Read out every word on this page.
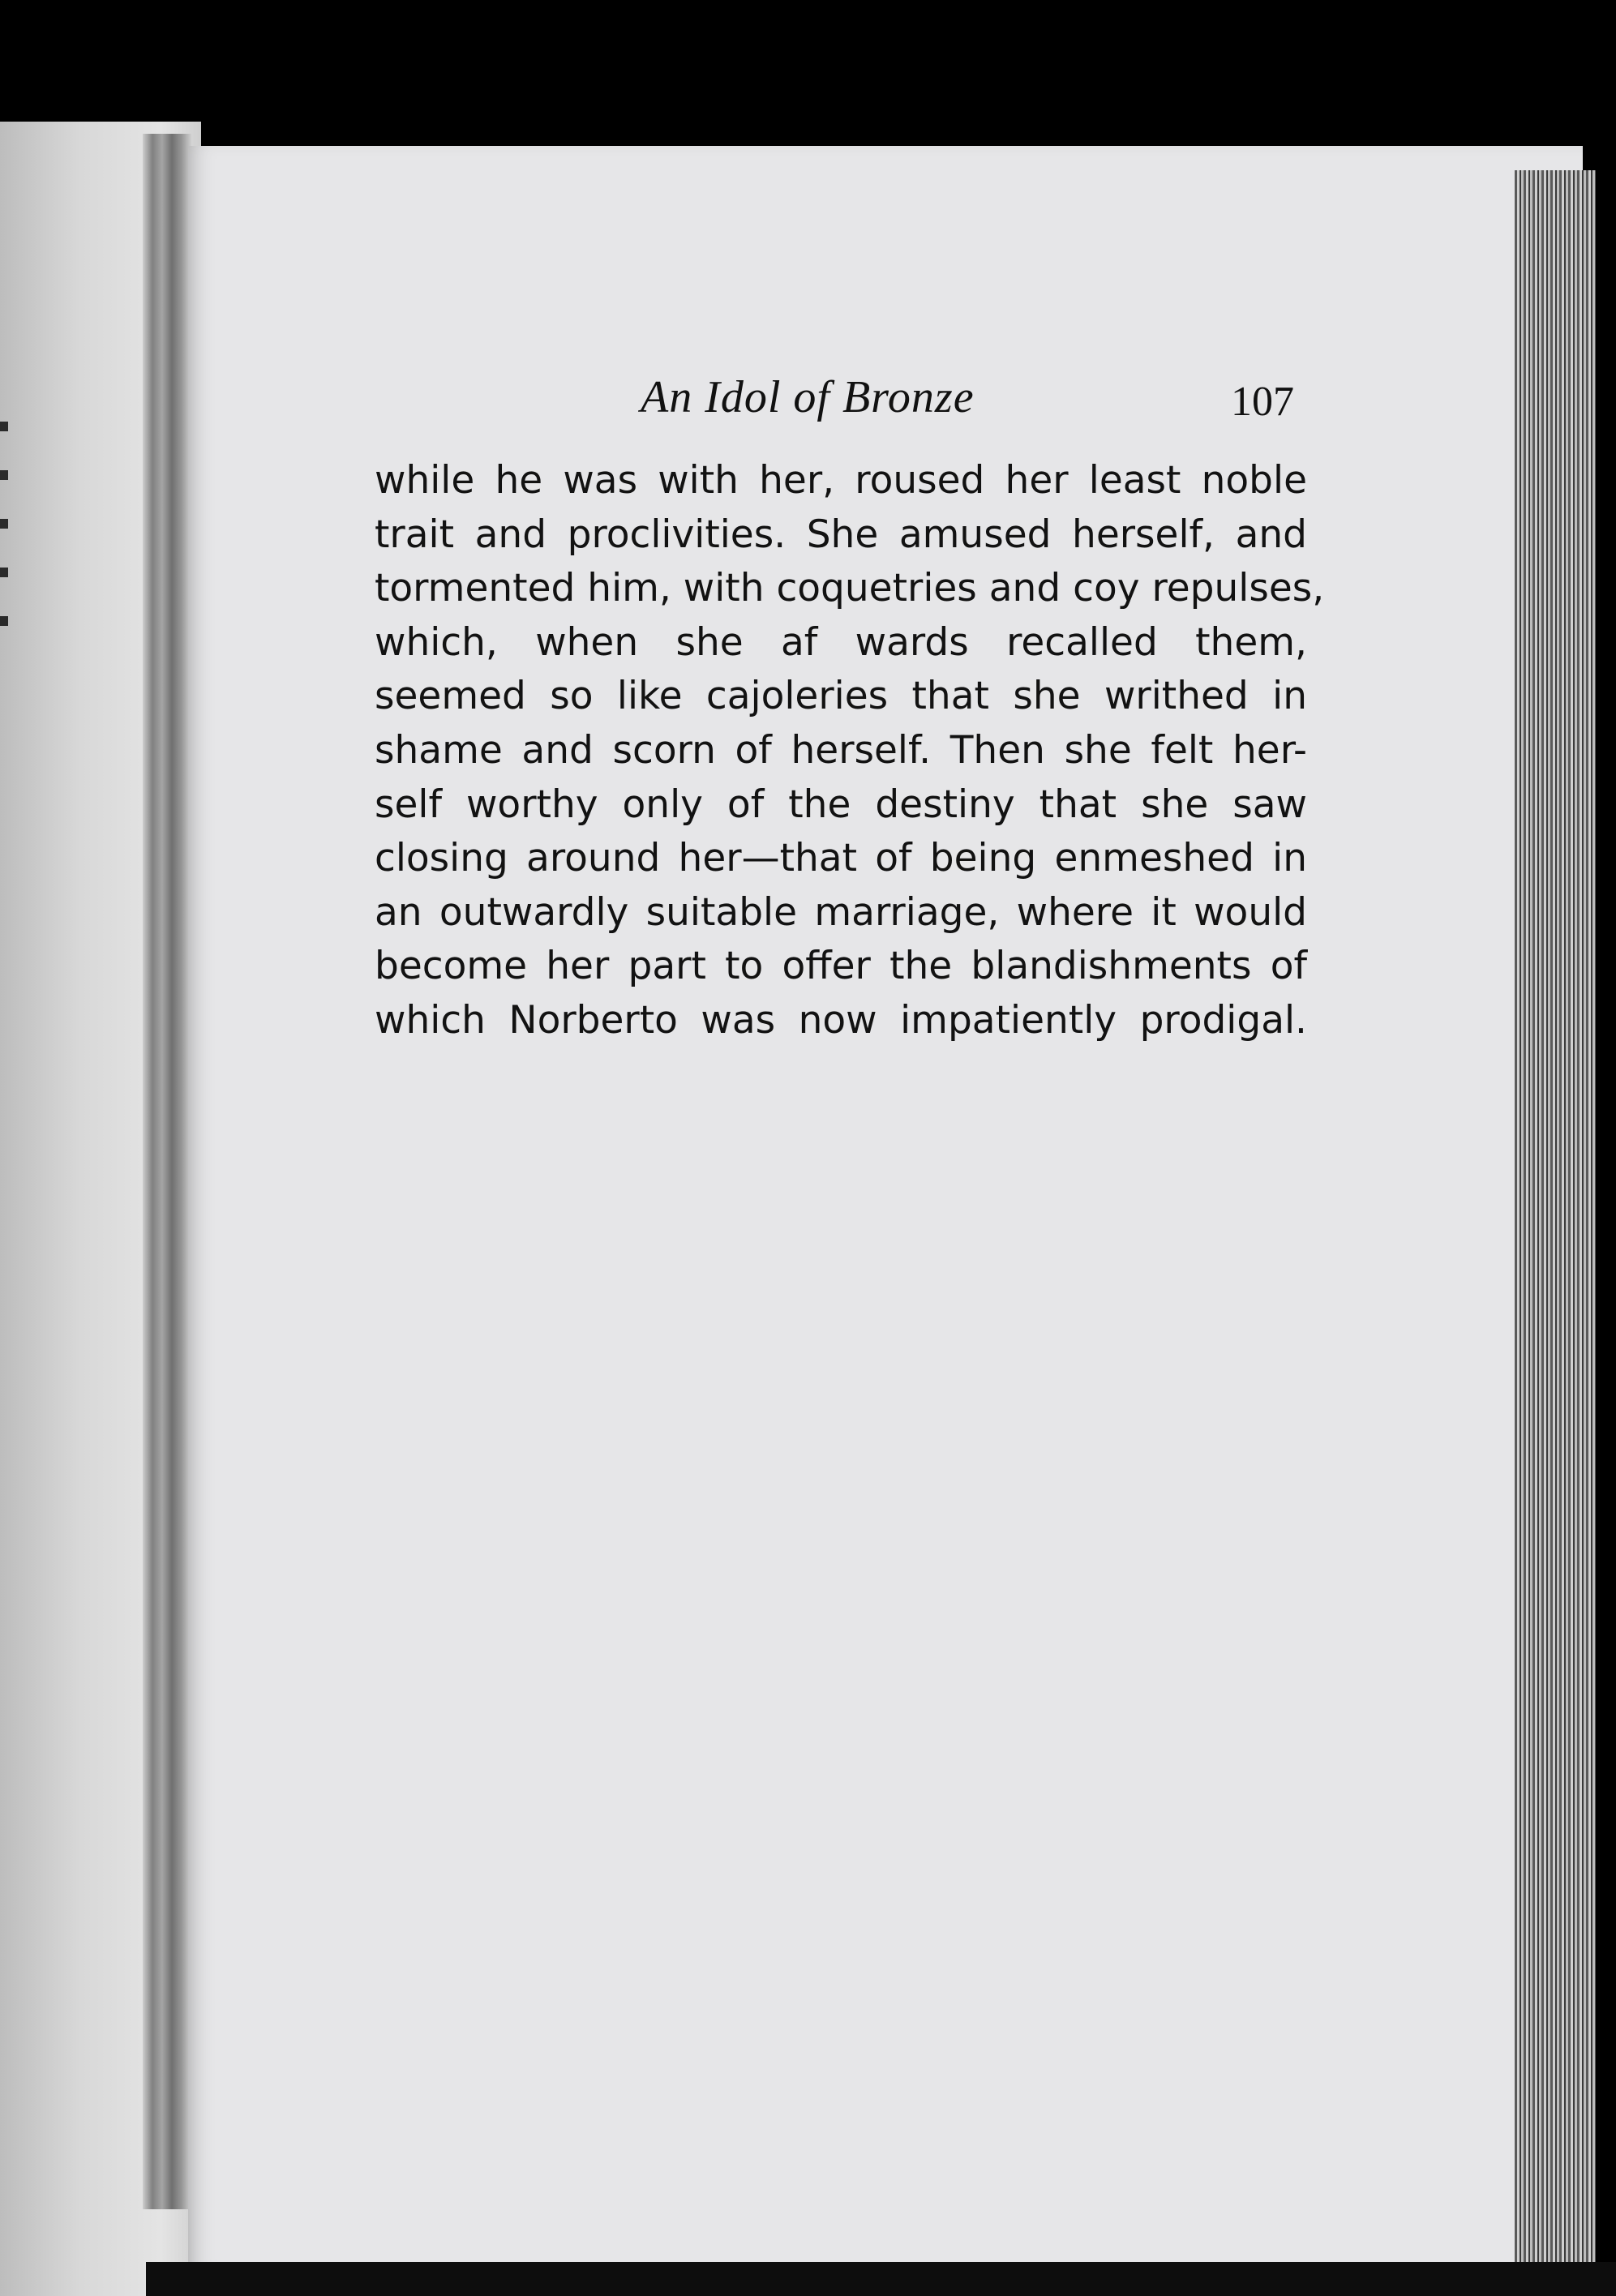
An Idol of Bronze	107
while he was with her, roused her least noble
trait and proclivities. She amused herself, and
tormented him, with coquetries and coy repulses,
which, when she af wards recalled them,
seemed so like cajoleries that she writhed in
shame and scorn of herself. Then she felt her-
self worthy only of the destiny that she saw
closing around her—that of being enmeshed in
an outwardly suitable marriage, where it would
become her part to offer the blandishments of
which Norberto was now impatiently prodigal.
